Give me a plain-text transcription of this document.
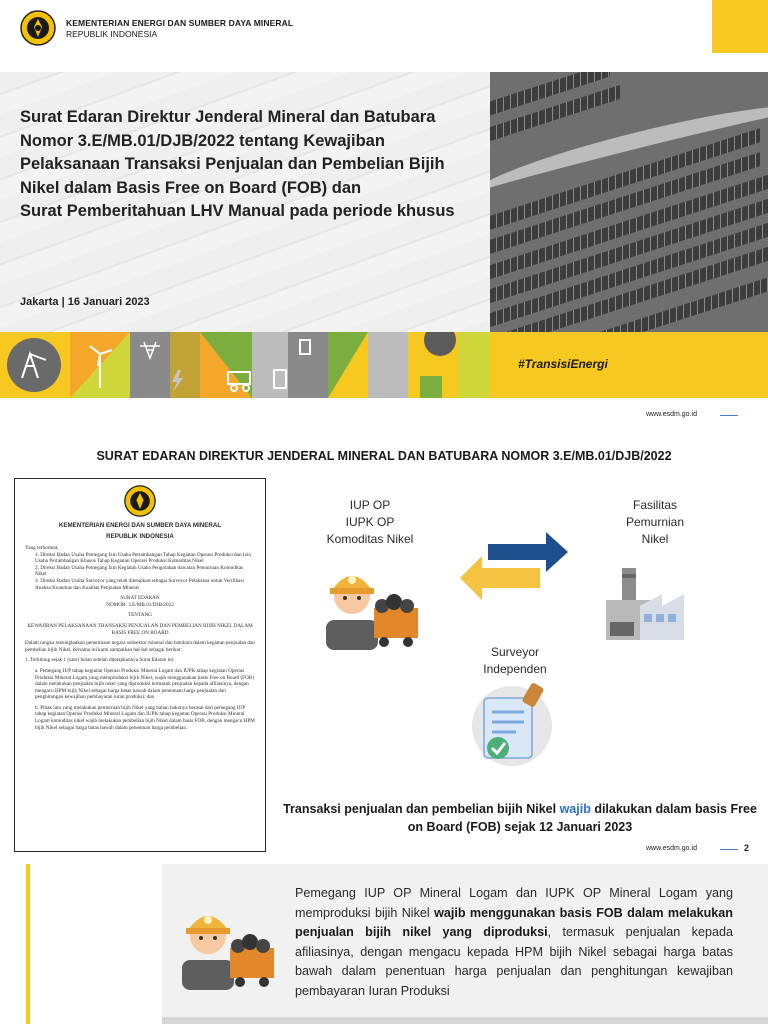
KEMENTERIAN ENERGI DAN SUMBER DAYA MINERAL
REPUBLIK INDONESIA
Surat Edaran Direktur Jenderal Mineral dan Batubara
Nomor 3.E/MB.01/DJB/2022 tentang Kewajiban
Pelaksanaan Transaksi Penjualan dan Pembelian Bijih
Nikel dalam Basis Free on Board (FOB) dan
Surat Pemberitahuan LHV Manual pada periode khusus
Jakarta | 16 Januari 2023
#TransisiEnergi
www.esdm.go.id
SURAT EDARAN DIREKTUR JENDERAL MINERAL DAN BATUBARA NOMOR 3.E/MB.01/DJB/2022
KEMENTERIAN ENERGI DAN SUMBER DAYA MINERAL
REPUBLIK INDONESIA

Yang terhormat,

1. Direksi Badan Usaha Pemegang Izin Usaha Pertambangan Tahap Kegiatan Operasi Produksi dan Izin Usaha Pertambangan Khusus Tahap Kegiatan Operasi Produksi Komoditas Nikel
2. Direksi Badan Usaha Pemegang Izin Kegiatan Usaha Pengolahan dan/atau Pemurnian Komoditas Nikel
3. Direksi Badan Usaha Surveyor yang telah ditetapkan sebagai Surveyor Pelaksana untuk Verifikasi Analisa Kuantitas dan Kualitas Penjualan Mineral

SURAT EDARAN

NOMOR: 3.E/MB.01/DJB/2022

TENTANG

KEWAJIBAN PELAKSANAAN TRANSAKSI PENJUALAN DAN PEMBELIAN BIJIH NIKEL DALAM BASIS FREE ON BOARD

Dalam rangka meningkatkan penerimaan negara subsektor mineral dan batubara dalam kegiatan penjualan dan pembelian bijih Nikel, bersama ini kami sampaikan hal-hal sebagai berikut:

1. Terhitung sejak 1 (satu) bulan setelah ditetapkannya Surat Edaran ini:

a. Pemegang IUP tahap kegiatan Operasi Produksi Mineral Logam dan IUPK tahap kegiatan Operasi Produksi Mineral Logam yang memproduksi bijih Nikel, wajib menggunakan basis Free on Board (FOB) dalam melakukan penjualan bijih nikel yang diproduksi termasuk penjualan kepada afiliasinya, dengan mengacu HPM bijih Nikel sebagai harga batas bawah dalam penentuan harga penjualan dan penghitungan kewajiban pembayaran iuran produksi; dan

b. Pihak lain yang melakukan pemurnian bijih Nikel yang bahan bakunya berasal dari pemegang IUP tahap kegiatan Operasi Produksi Mineral Logam dan IUPK tahap kegiatan Operasi Produksi Mineral Logam komoditas nikel wajib melakukan pembelian bijih Nikel dalam basis FOB, dengan mengacu HPM bijih Nikel sebagai harga batas bawah dalam penentuan harga pembelian.

IUP OP
IUPK OP
Komoditas Nikel
Fasilitas
Pemurnian
Nikel
Surveyor
Independen
Transaksi penjualan dan pembelian bijih Nikel wajib dilakukan dalam basis Free on Board (FOB) sejak 12 Januari 2023
www.esdm.go.id	2
Pemegang IUP OP Mineral Logam dan IUPK OP Mineral Logam yang memproduksi bijih Nikel wajib menggunakan basis FOB dalam melakukan penjualan bijih nikel yang diproduksi, termasuk penjualan kepada afiliasinya, dengan mengacu kepada HPM bijih Nikel sebagai harga batas bawah dalam penentuan harga penjualan dan penghitungan kewajiban pembayaran Iuran Produksi
